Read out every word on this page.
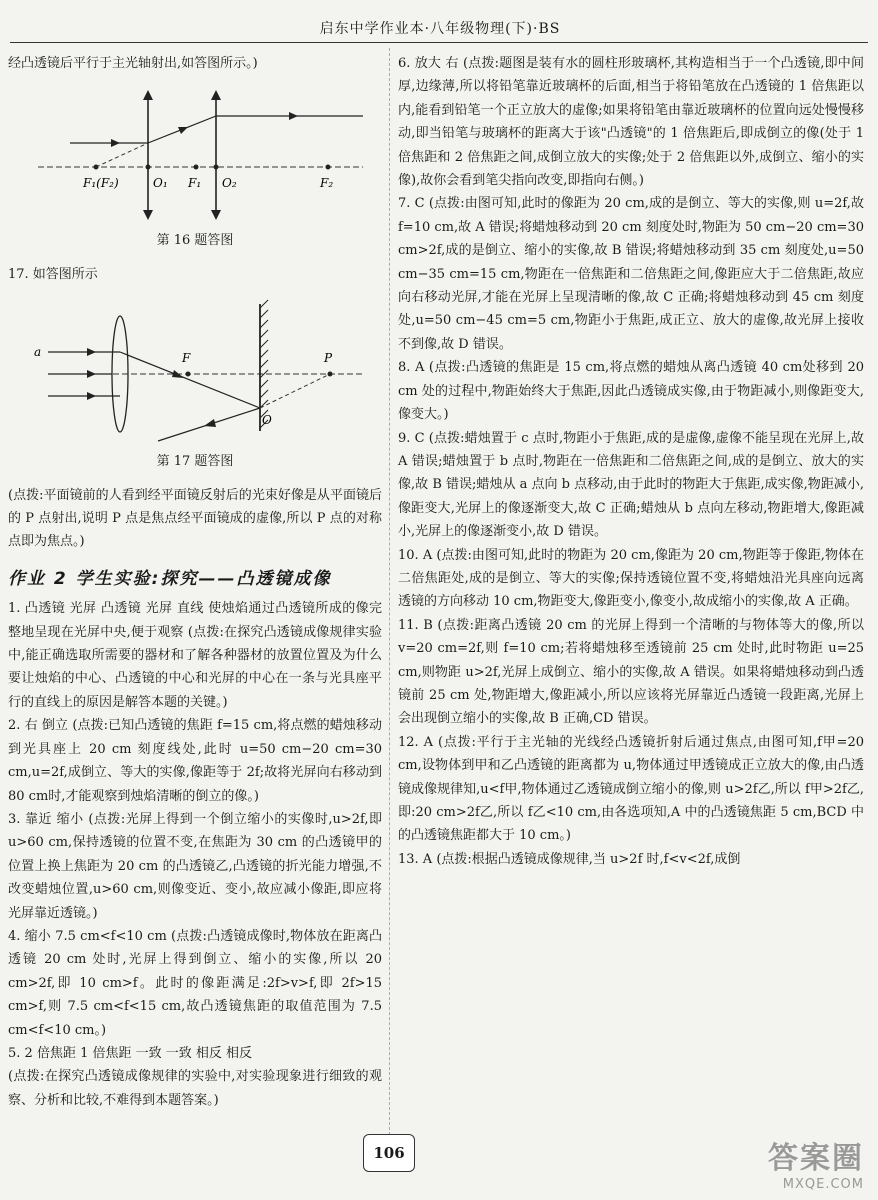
启东中学作业本·八年级物理(下)·BS

经凸透镜后平行于主光轴射出,如答图所示。)

F₁(F₂)	O₁ F₁ O₂	F₂
第 16 题答图

17. 如答图所示

a	F	P
O
第 17 题答图

(点拨:平面镜前的人看到经平面镜反射后的光束好像是从平面镜后的 P 点射出,说明 P 点是焦点经平面镜成的虚像,所以 P 点的对称点即为焦点。)

作业 2 学生实验:探究——凸透镜成像

1. 凸透镜 光屏 凸透镜 光屏 直线 使烛焰通过凸透镜所成的像完整地呈现在光屏中央,便于观察 (点拨:在探究凸透镜成像规律实验中,能正确选取所需要的器材和了解各种器材的放置位置及为什么要让烛焰的中心、凸透镜的中心和光屏的中心在一条与光具座平行的直线上的原因是解答本题的关键。)

2. 右 倒立 (点拨:已知凸透镜的焦距 f=15 cm,将点燃的蜡烛移动到光具座上 20 cm 刻度线处,此时 u=50 cm−20 cm=30 cm,u=2f,成倒立、等大的实像,像距等于 2f;故将光屏向右移动到 80 cm时,才能观察到烛焰清晰的倒立的像。)

3. 靠近 缩小 (点拨:光屏上得到一个倒立缩小的实像时,u>2f,即 u>60 cm,保持透镜的位置不变,在焦距为 30 cm 的凸透镜甲的位置上换上焦距为 20 cm 的凸透镜乙,凸透镜的折光能力增强,不改变蜡烛位置,u>60 cm,则像变近、变小,故应减小像距,即应将光屏靠近透镜。)

4. 缩小 7.5 cm<f<10 cm (点拨:凸透镜成像时,物体放在距离凸透镜 20 cm 处时,光屏上得到倒立、缩小的实像,所以 20 cm>2f,即 10 cm>f。此时的像距满足:2f>v>f,即 2f>15 cm>f,则 7.5 cm<f<15 cm,故凸透镜焦距的取值范围为 7.5 cm<f<10 cm。)

5. 2 倍焦距 1 倍焦距 一致 一致 相反 相反

(点拨:在探究凸透镜成像规律的实验中,对实验现象进行细致的观察、分析和比较,不难得到本题答案。)

6. 放大 右 (点拨:题图是装有水的圆柱形玻璃杯,其构造相当于一个凸透镜,即中间厚,边缘薄,所以将铅笔靠近玻璃杯的后面,相当于将铅笔放在凸透镜的 1 倍焦距以内,能看到铅笔一个正立放大的虚像;如果将铅笔由靠近玻璃杯的位置向远处慢慢移动,即当铅笔与玻璃杯的距离大于该"凸透镜"的 1 倍焦距后,即成倒立的像(处于 1 倍焦距和 2 倍焦距之间,成倒立放大的实像;处于 2 倍焦距以外,成倒立、缩小的实像),故你会看到笔尖指向改变,即指向右侧。)

7. C (点拨:由图可知,此时的像距为 20 cm,成的是倒立、等大的实像,则 u=2f,故 f=10 cm,故 A 错误;将蜡烛移动到 20 cm 刻度处时,物距为 50 cm−20 cm=30 cm>2f,成的是倒立、缩小的实像,故 B 错误;将蜡烛移动到 35 cm 刻度处,u=50 cm−35 cm=15 cm,物距在一倍焦距和二倍焦距之间,像距应大于二倍焦距,故应向右移动光屏,才能在光屏上呈现清晰的像,故 C 正确;将蜡烛移动到 45 cm 刻度处,u=50 cm−45 cm=5 cm,物距小于焦距,成正立、放大的虚像,故光屏上接收不到像,故 D 错误。

8. A (点拨:凸透镜的焦距是 15 cm,将点燃的蜡烛从离凸透镜 40 cm处移到 20 cm 处的过程中,物距始终大于焦距,因此凸透镜成实像,由于物距减小,则像距变大,像变大。)

9. C (点拨:蜡烛置于 c 点时,物距小于焦距,成的是虚像,虚像不能呈现在光屏上,故 A 错误;蜡烛置于 b 点时,物距在一倍焦距和二倍焦距之间,成的是倒立、放大的实像,故 B 错误;蜡烛从 a 点向 b 点移动,由于此时的物距大于焦距,成实像,物距减小,像距变大,光屏上的像逐渐变大,故 C 正确;蜡烛从 b 点向左移动,物距增大,像距减小,光屏上的像逐渐变小,故 D 错误。

10. A (点拨:由图可知,此时的物距为 20 cm,像距为 20 cm,物距等于像距,物体在二倍焦距处,成的是倒立、等大的实像;保持透镜位置不变,将蜡烛沿光具座向远离透镜的方向移动 10 cm,物距变大,像距变小,像变小,故成缩小的实像,故 A 正确。

11. B (点拨:距离凸透镜 20 cm 的光屏上得到一个清晰的与物体等大的像,所以 v=20 cm=2f,则 f=10 cm;若将蜡烛移至透镜前 25 cm 处时,此时物距 u=25 cm,则物距 u>2f,光屏上成倒立、缩小的实像,故 A 错误。如果将蜡烛移动到凸透镜前 25 cm 处,物距增大,像距减小,所以应该将光屏靠近凸透镜一段距离,光屏上会出现倒立缩小的实像,故 B 正确,CD 错误。

12. A (点拨:平行于主光轴的光线经凸透镜折射后通过焦点,由图可知,f甲=20 cm,设物体到甲和乙凸透镜的距离都为 u,物体通过甲透镜成正立放大的像,由凸透镜成像规律知,u<f甲,物体通过乙透镜成倒立缩小的像,则 u>2f乙,所以 f甲>2f乙,即:20 cm>2f乙,所以 f乙<10 cm,由各选项知,A 中的凸透镜焦距 5 cm,BCD 中的凸透镜焦距都大于 10 cm。)

13. A (点拨:根据凸透镜成像规律,当 u>2f 时,f<v<2f,成倒

106	答案圈
MXQE.COM
